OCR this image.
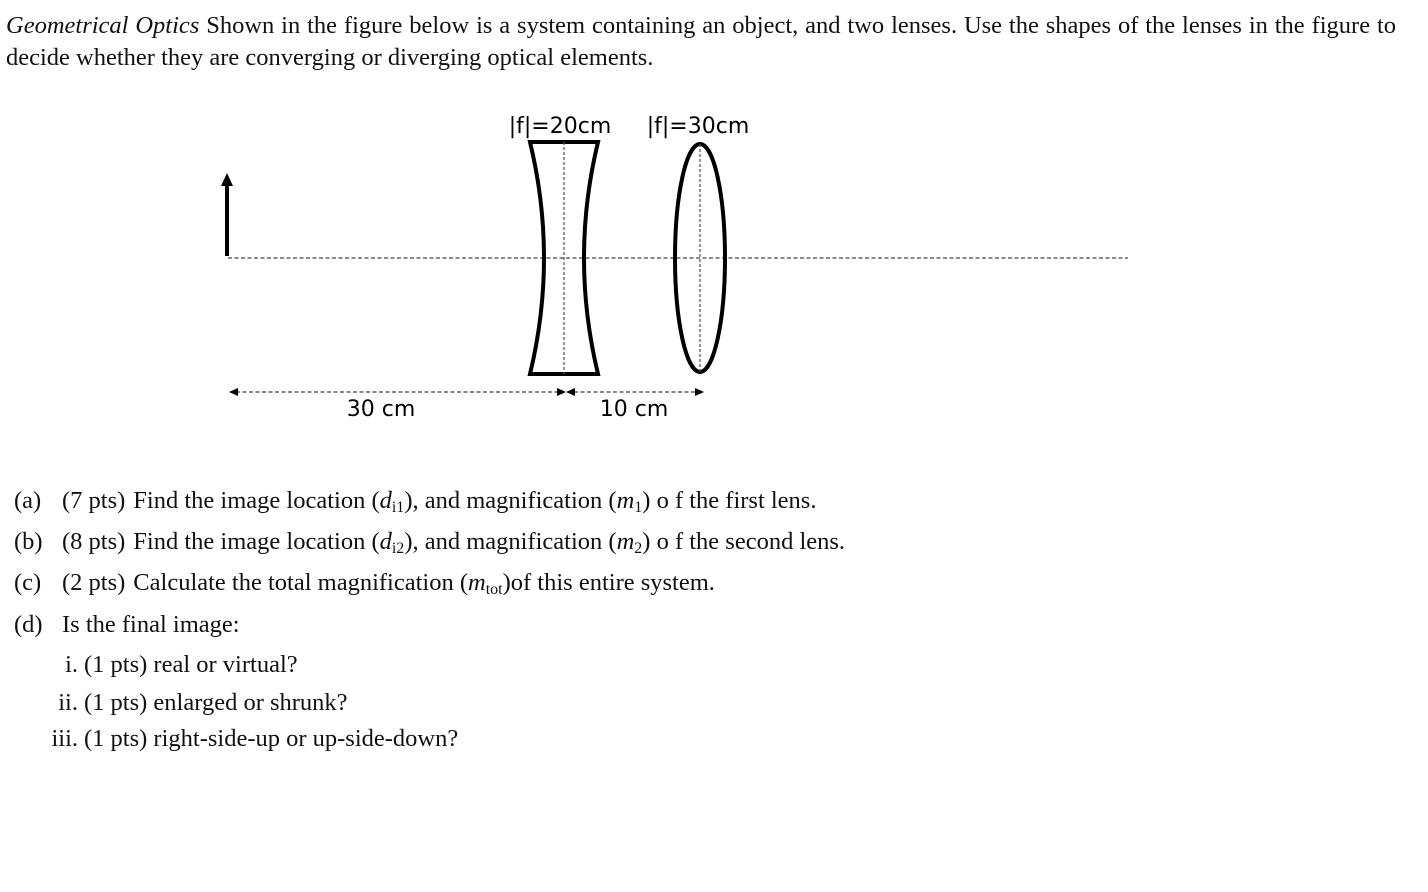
Geometrical Optics Shown in the figure below is a system containing an object, and two lenses. Use the shapes of the lenses in the figure to decide whether they are converging or diverging optical elements.
|f|=20cm |f|=30cm
30 cm	10 cm
(a) (7 pts) Find the image location $(d_{i1})$, and magnification $(m_1)$ o f the first lens.
(b) (8 pts) Find the image location $(d_{i2})$, and magnification $(m_2)$ o f the second lens.
(c) (2 pts) Calculate the total magnification $(m_{tot})of$ this entire system.
(d) Is the final image:
i. (1 pts) real or virtual?
ii. (1 pts) enlarged or shrunk?
iii. (1 pts) right-side-up or up-side-down?
